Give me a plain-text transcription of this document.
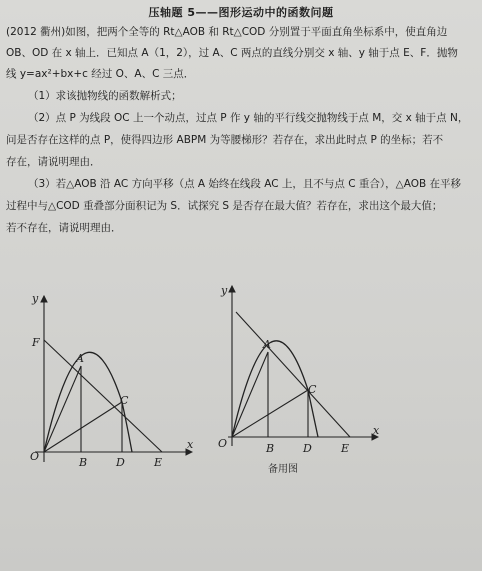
压轴题 5——图形运动中的函数问题
(2012 衢州)如图，把两个全等的 Rt△AOB 和 Rt△COD 分别置于平面直角坐标系中，使直角边
OB、OD 在 x 轴上．已知点 A（1，2），过 A、C 两点的直线分别交 x 轴、y 轴于点 E、F．抛物
线 y=ax²+bx+c 经过 O、A、C 三点．
（1）求该抛物线的函数解析式；
（2）点 P 为线段 OC 上一个动点，过点 P 作 y 轴的平行线交抛物线于点 M，交 x 轴于点 N，
问是否存在这样的点 P，使得四边形 ABPM 为等腰梯形？若存在，求出此时点 P 的坐标；若不
存在，请说明理由．
（3）若△AOB 沿 AC 方向平移（点 A 始终在线段 AC 上，且不与点 C 重合），△AOB 在平移
过程中与△COD 重叠部分面积记为 S．试探究 S 是否存在最大值？若存在，求出这个最大值；
若不存在，请说明理由．
y
x
O
F
A
C
B	D	E
y
x
O
A
C
B	D	E
备用图
